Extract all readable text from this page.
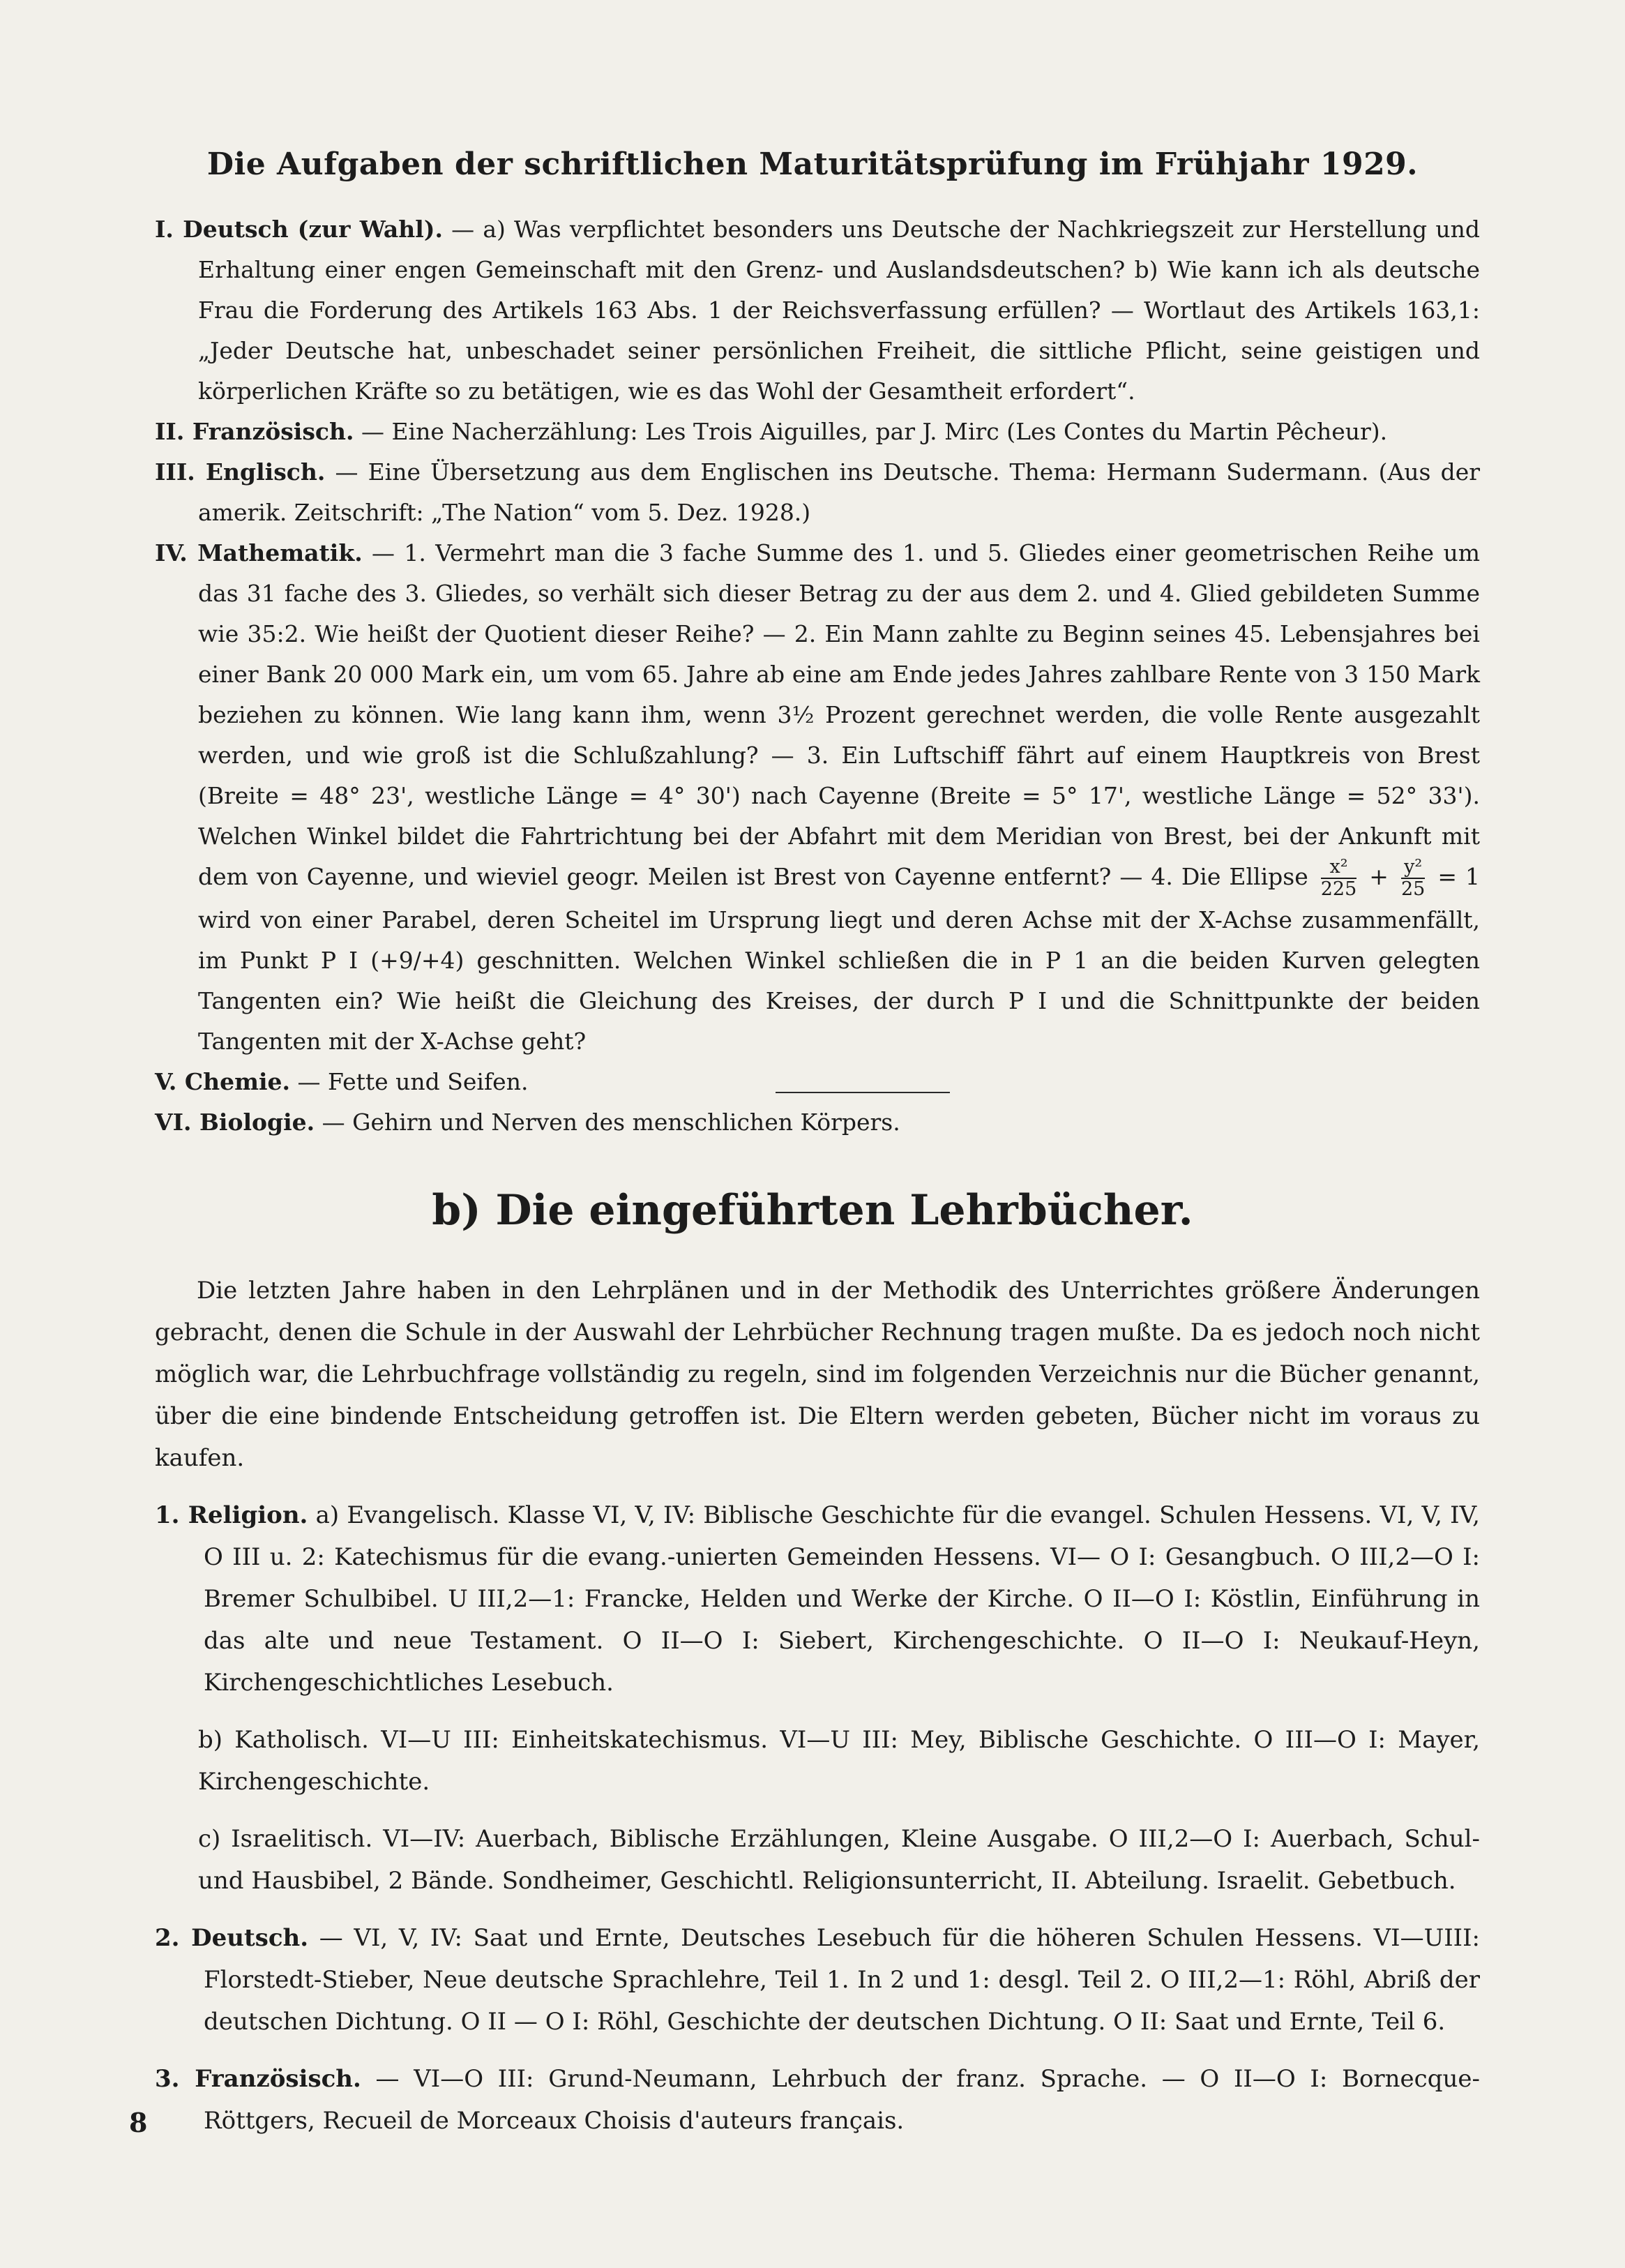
Die Aufgaben der schriftlichen Maturitätsprüfung im Frühjahr 1929.

I. Deutsch (zur Wahl). — a) Was verpflichtet besonders uns Deutsche der Nachkriegszeit zur Herstellung und Erhaltung einer engen Gemeinschaft mit den Grenz- und Auslandsdeutschen? b) Wie kann ich als deutsche Frau die Forderung des Artikels 163 Abs. 1 der Reichsverfassung erfüllen? — Wortlaut des Artikels 163,1: „Jeder Deutsche hat, unbeschadet seiner persönlichen Freiheit, die sittliche Pflicht, seine geistigen und körperlichen Kräfte so zu betätigen, wie es das Wohl der Gesamtheit erfordert“.

II. Französisch. — Eine Nacherzählung: Les Trois Aiguilles, par J. Mirc (Les Contes du Martin Pêcheur).

III. Englisch. — Eine Übersetzung aus dem Englischen ins Deutsche. Thema: Hermann Sudermann. (Aus der amerik. Zeitschrift: „The Nation“ vom 5. Dez. 1928.)

IV. Mathematik. — 1. Vermehrt man die 3 fache Summe des 1. und 5. Gliedes einer geometrischen Reihe um das 31 fache des 3. Gliedes, so verhält sich dieser Betrag zu der aus dem 2. und 4. Glied gebildeten Summe wie 35:2. Wie heißt der Quotient dieser Reihe? — 2. Ein Mann zahlte zu Beginn seines 45. Lebensjahres bei einer Bank 20 000 Mark ein, um vom 65. Jahre ab eine am Ende jedes Jahres zahlbare Rente von 3 150 Mark beziehen zu können. Wie lang kann ihm, wenn 3½ Prozent gerechnet werden, die volle Rente ausgezahlt werden, und wie groß ist die Schlußzahlung? — 3. Ein Luftschiff fährt auf einem Hauptkreis von Brest (Breite = 48° 23', westliche Länge = 4° 30') nach Cayenne (Breite = 5° 17', westliche Länge = 52° 33'). Welchen Winkel bildet die Fahrtrichtung bei der Abfahrt mit dem Meridian von Brest, bei der Ankunft mit dem von Cayenne, und wieviel geogr. Meilen ist Brest von Cayenne entfernt? — 4. Die Ellipse $\frac{\text{x²}}{225} + \frac{\text{y²}}{25} = 1$ wird von einer Parabel, deren Scheitel im Ursprung liegt und deren Achse mit der X-Achse zusammenfällt, im Punkt P I (+9/+4) geschnitten. Welchen Winkel schließen die in P 1 an die beiden Kurven gelegten Tangenten ein? Wie heißt die Gleichung des Kreises, der durch P I und die Schnittpunkte der beiden Tangenten mit der X-Achse geht?

V. Chemie. — Fette und Seifen.

VI. Biologie. — Gehirn und Nerven des menschlichen Körpers.

b) Die eingeführten Lehrbücher.

Die letzten Jahre haben in den Lehrplänen und in der Methodik des Unterrichtes größere Änderungen gebracht, denen die Schule in der Auswahl der Lehrbücher Rechnung tragen mußte. Da es jedoch noch nicht möglich war, die Lehrbuchfrage vollständig zu regeln, sind im folgenden Verzeichnis nur die Bücher genannt, über die eine bindende Entscheidung getroffen ist. Die Eltern werden gebeten, Bücher nicht im voraus zu kaufen.

1. Religion. a) Evangelisch. Klasse VI, V, IV: Biblische Geschichte für die evangel. Schulen Hessens. VI, V, IV, O III u. 2: Katechismus für die evang.-unierten Gemeinden Hessens. VI— O I: Gesangbuch. O III,2—O I: Bremer Schulbibel. U III,2—1: Francke, Helden und Werke der Kirche. O II—O I: Köstlin, Einführung in das alte und neue Testament. O II—O I: Siebert, Kirchengeschichte. O II—O I: Neukauf-Heyn, Kirchengeschichtliches Lesebuch.

b) Katholisch. VI—U III: Einheitskatechismus. VI—U III: Mey, Biblische Geschichte. O III—O I: Mayer, Kirchengeschichte.

c) Israelitisch. VI—IV: Auerbach, Biblische Erzählungen, Kleine Ausgabe. O III,2—O I: Auerbach, Schul- und Hausbibel, 2 Bände. Sondheimer, Geschichtl. Religionsunterricht, II. Abteilung. Israelit. Gebetbuch.

2. Deutsch. — VI, V, IV: Saat und Ernte, Deutsches Lesebuch für die höheren Schulen Hessens. VI—UIII: Florstedt-Stieber, Neue deutsche Sprachlehre, Teil 1. In 2 und 1: desgl. Teil 2. O III,2—1: Röhl, Abriß der deutschen Dichtung. O II — O I: Röhl, Geschichte der deutschen Dichtung. O II: Saat und Ernte, Teil 6.

3. Französisch. — VI—O III: Grund-Neumann, Lehrbuch der franz. Sprache. — O II—O I: Bornecque-Röttgers, Recueil de Morceaux Choisis d'auteurs français.

8
